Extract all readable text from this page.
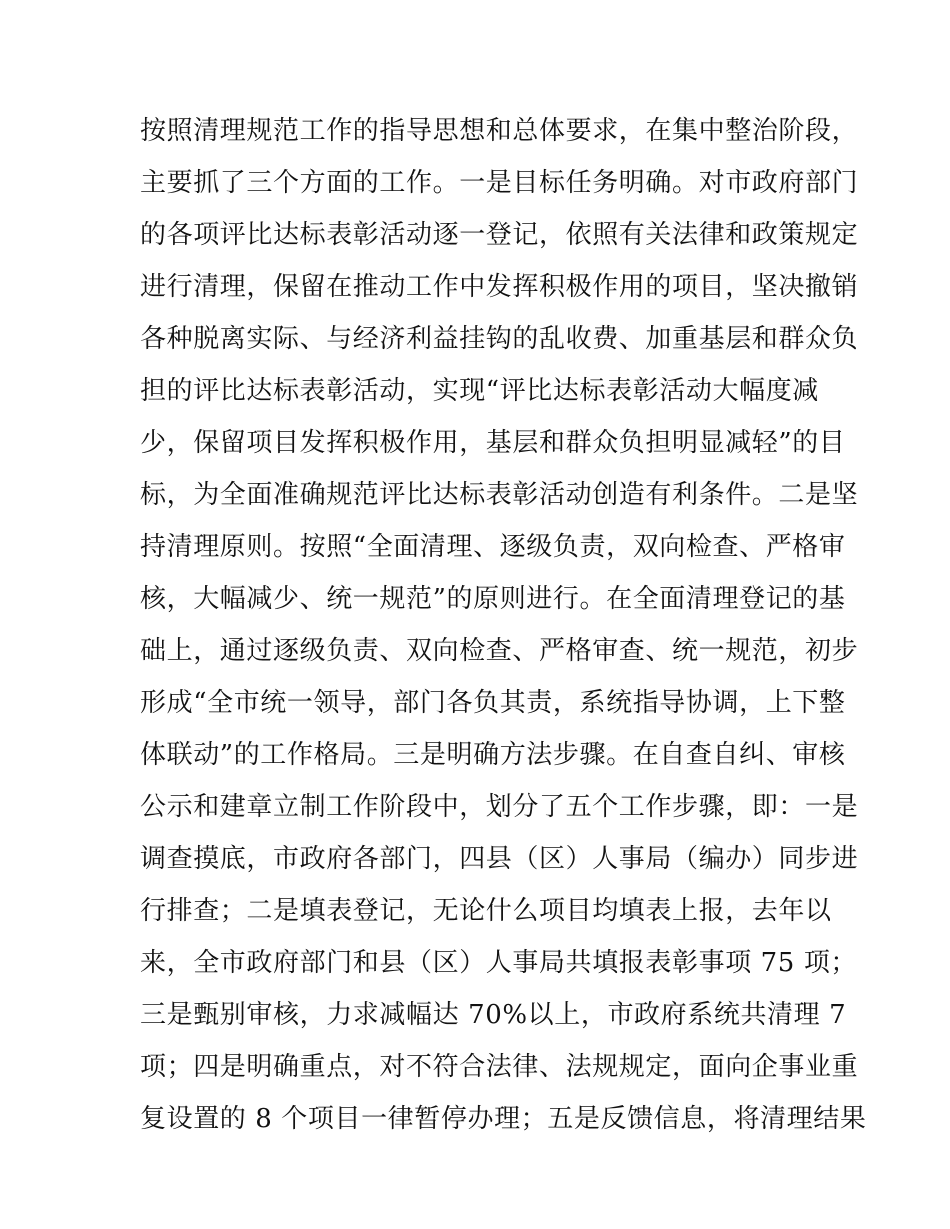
按照清理规范工作的指导思想和总体要求，在集中整治阶段，
主要抓了三个方面的工作。一是目标任务明确。对市政府部门
的各项评比达标表彰活动逐一登记，依照有关法律和政策规定
进行清理，保留在推动工作中发挥积极作用的项目，坚决撤销
各种脱离实际、与经济利益挂钩的乱收费、加重基层和群众负
担的评比达标表彰活动，实现“评比达标表彰活动大幅度减
少，保留项目发挥积极作用，基层和群众负担明显减轻”的目
标，为全面准确规范评比达标表彰活动创造有利条件。二是坚
持清理原则。按照“全面清理、逐级负责，双向检查、严格审
核，大幅减少、统一规范”的原则进行。在全面清理登记的基
础上，通过逐级负责、双向检查、严格审查、统一规范，初步
形成“全市统一领导，部门各负其责，系统指导协调，上下整
体联动”的工作格局。三是明确方法步骤。在自查自纠、审核
公示和建章立制工作阶段中，划分了五个工作步骤，即：一是
调查摸底，市政府各部门，四县（区）人事局（编办）同步进
行排查；二是填表登记，无论什么项目均填表上报，去年以
来，全市政府部门和县（区）人事局共填报表彰事项 75 项；
三是甄别审核，力求减幅达 70%以上，市政府系统共清理 7
项；四是明确重点，对不符合法律、法规规定，面向企事业重
复设置的 8 个项目一律暂停办理；五是反馈信息，将清理结果
